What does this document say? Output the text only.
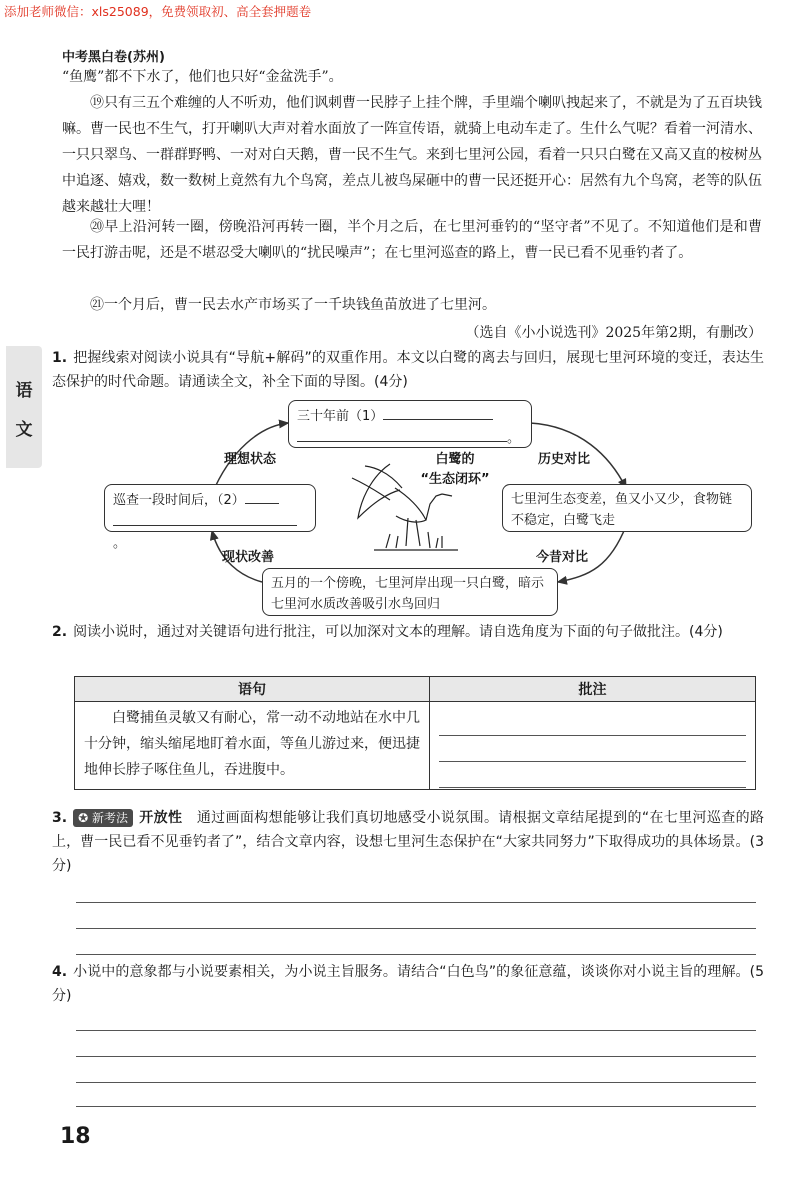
添加老师微信：xls25089，免费领取初、高全套押题卷
中考黑白卷(苏州)
“鱼鹰”都不下水了，他们也只好“金盆洗手”。
⑲只有三五个难缠的人不听劝，他们讽刺曹一民脖子上挂个牌，手里端个喇叭拽起来了，不就是为了五百块钱嘛。曹一民也不生气，打开喇叭大声对着水面放了一阵宣传语，就骑上电动车走了。生什么气呢？看着一河清水、一只只翠鸟、一群群野鸭、一对对白天鹅，曹一民不生气。来到七里河公园，看着一只只白鹭在又高又直的桉树丛中追逐、嬉戏，数一数树上竟然有九个鸟窝，差点儿被鸟屎砸中的曹一民还挺开心：居然有九个鸟窝，老等的队伍越来越壮大哩！
⑳早上沿河转一圈，傍晚沿河再转一圈，半个月之后，在七里河垂钓的“坚守者”不见了。不知道他们是和曹一民打游击呢，还是不堪忍受大喇叭的“扰民噪声”；在七里河巡查的路上，曹一民已看不见垂钓者了。
㉑一个月后，曹一民去水产市场买了一千块钱鱼苗放进了七里河。
（选自《小小说选刊》2025年第2期，有删改）
语
文
1. 把握线索对阅读小说具有“导航+解码”的双重作用。本文以白鹭的离去与回归，展现七里河环境的变迁，表达生态保护的时代命题。请通读全文，补全下面的导图。(4分)
三十年前（1）
。
巡查一段时间后，（2）
。
七里河生态变差，鱼又小又少，食物链不稳定，白鹭飞走
五月的一个傍晚，七里河岸出现一只白鹭，暗示七里河水质改善吸引水鸟回归
白鹭的
“生态闭环”
理想状态	历史对比
现状改善	今昔对比
2. 阅读小说时，通过对关键语句进行批注，可以加深对文本的理解。请自选角度为下面的句子做批注。(4分)
语句	批注

白鹭捕鱼灵敏又有耐心，常一动不动地站在水中几十分钟，缩头缩尾地盯着水面，等鱼儿游过来，便迅捷地伸长脖子啄住鱼儿，吞进腹中。	

3. ✪ 新考法 开放性 通过画面构想能够让我们真切地感受小说氛围。请根据文章结尾提到的“在七里河巡查的路上，曹一民已看不见垂钓者了”，结合文章内容，设想七里河生态保护在“大家共同努力”下取得成功的具体场景。(3分)
4. 小说中的意象都与小说要素相关，为小说主旨服务。请结合“白色鸟”的象征意蕴，谈谈你对小说主旨的理解。(5分)
18
